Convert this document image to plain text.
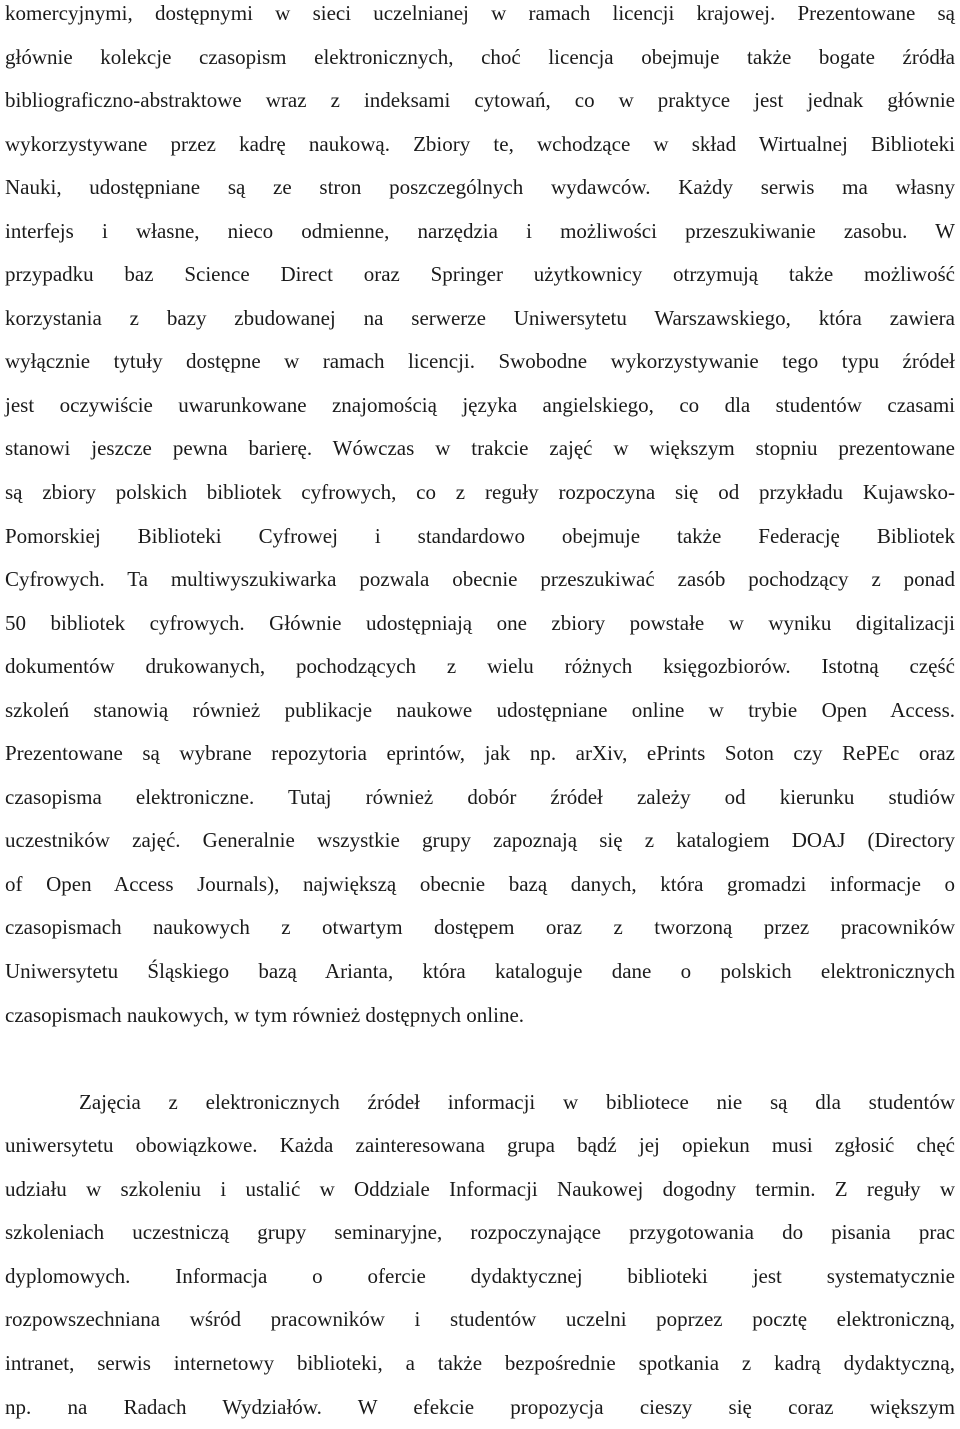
komercyjnymi, dostępnymi w sieci uczelnianej w ramach licencji krajowej. Prezentowane są
głównie kolekcje czasopism elektronicznych, choć licencja obejmuje także bogate źródła
bibliograficzno-abstraktowe wraz z indeksami cytowań, co w praktyce jest jednak głównie
wykorzystywane przez kadrę naukową. Zbiory te, wchodzące w skład Wirtualnej Biblioteki
Nauki, udostępniane są ze stron poszczególnych wydawców. Każdy serwis ma własny
interfejs i własne, nieco odmienne, narzędzia i możliwości przeszukiwanie zasobu. W
przypadku baz Science Direct oraz Springer użytkownicy otrzymują także możliwość
korzystania z bazy zbudowanej na serwerze Uniwersytetu Warszawskiego, która zawiera
wyłącznie tytuły dostępne w ramach licencji. Swobodne wykorzystywanie tego typu źródeł
jest oczywiście uwarunkowane znajomością języka angielskiego, co dla studentów czasami
stanowi jeszcze pewna barierę. Wówczas w trakcie zajęć w większym stopniu prezentowane
są zbiory polskich bibliotek cyfrowych, co z reguły rozpoczyna się od przykładu Kujawsko-
Pomorskiej Biblioteki Cyfrowej i standardowo obejmuje także Federację Bibliotek
Cyfrowych. Ta multiwyszukiwarka pozwala obecnie przeszukiwać zasób pochodzący z ponad
50 bibliotek cyfrowych. Głównie udostępniają one zbiory powstałe w wyniku digitalizacji
dokumentów drukowanych, pochodzących z wielu różnych księgozbiorów. Istotną część
szkoleń stanowią również publikacje naukowe udostępniane online w trybie Open Access.
Prezentowane są wybrane repozytoria eprintów, jak np. arXiv, ePrints Soton czy RePEc oraz
czasopisma elektroniczne. Tutaj również dobór źródeł zależy od kierunku studiów
uczestników zajęć. Generalnie wszystkie grupy zapoznają się z katalogiem DOAJ (Directory
of Open Access Journals), największą obecnie bazą danych, która gromadzi informacje o
czasopismach naukowych z otwartym dostępem oraz z tworzoną przez pracowników
Uniwersytetu Śląskiego bazą Arianta, która kataloguje dane o polskich elektronicznych
czasopismach naukowych, w tym również dostępnych online.
Zajęcia z elektronicznych źródeł informacji w bibliotece nie są dla studentów
uniwersytetu obowiązkowe. Każda zainteresowana grupa bądź jej opiekun musi zgłosić chęć
udziału w szkoleniu i ustalić w Oddziale Informacji Naukowej dogodny termin. Z reguły w
szkoleniach uczestniczą grupy seminaryjne, rozpoczynające przygotowania do pisania prac
dyplomowych. Informacja o ofercie dydaktycznej biblioteki jest systematycznie
rozpowszechniana wśród pracowników i studentów uczelni poprzez pocztę elektroniczną,
intranet, serwis internetowy biblioteki, a także bezpośrednie spotkania z kadrą dydaktyczną,
np. na Radach Wydziałów. W efekcie propozycja cieszy się coraz większym
